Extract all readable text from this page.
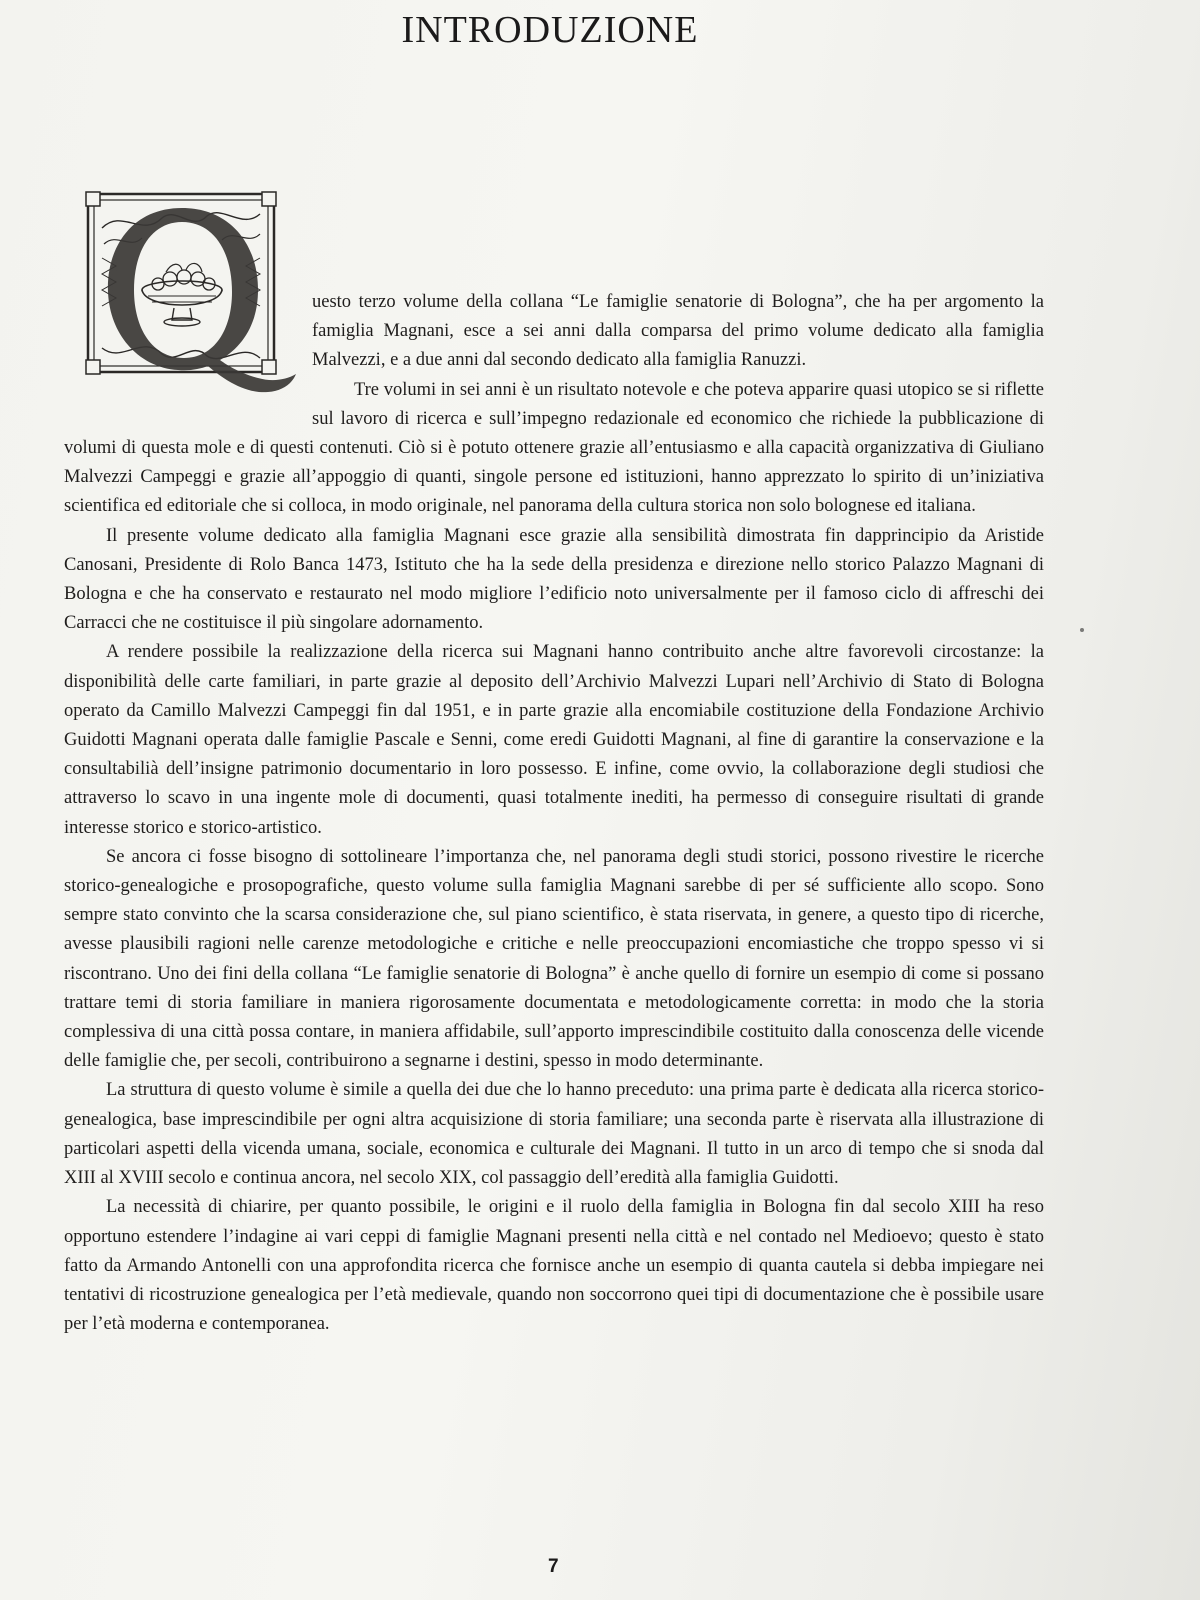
INTRODUZIONE

uesto terzo volume della collana “Le famiglie senatorie di Bologna”, che ha per argomento la famiglia Magnani, esce a sei anni dalla comparsa del primo volume dedicato alla famiglia Malvezzi, e a due anni dal secondo dedicato alla famiglia Ranuzzi.

Tre volumi in sei anni è un risultato notevole e che poteva apparire quasi utopico se si riflette sul lavoro di ricerca e sull’impegno redazionale ed economico che richiede la pubblicazione di volumi di questa mole e di questi contenuti. Ciò si è potuto ottenere grazie all’entusiasmo e alla capacità organizzativa di Giuliano Malvezzi Campeggi e grazie all’appoggio di quanti, singole persone ed istituzioni, hanno apprezzato lo spirito di un’iniziativa scientifica ed editoriale che si colloca, in modo originale, nel panorama della cultura storica non solo bolognese ed italiana.

Il presente volume dedicato alla famiglia Magnani esce grazie alla sensibilità dimostrata fin dapprincipio da Aristide Canosani, Presidente di Rolo Banca 1473, Istituto che ha la sede della presidenza e direzione nello storico Palazzo Magnani di Bologna e che ha conservato e restaurato nel modo migliore l’edificio noto universalmente per il famoso ciclo di affreschi dei Carracci che ne costituisce il più singolare adornamento.

A rendere possibile la realizzazione della ricerca sui Magnani hanno contribuito anche altre favorevoli circostanze: la disponibilità delle carte familiari, in parte grazie al deposito dell’Archivio Malvezzi Lupari nell’Archivio di Stato di Bologna operato da Camillo Malvezzi Campeggi fin dal 1951, e in parte grazie alla encomiabile costituzione della Fondazione Archivio Guidotti Magnani operata dalle famiglie Pascale e Senni, come eredi Guidotti Magnani, al fine di garantire la conservazione e la consultabilià dell’insigne patrimonio documentario in loro possesso. E infine, come ovvio, la collaborazione degli studiosi che attraverso lo scavo in una ingente mole di documenti, quasi totalmente inediti, ha permesso di conseguire risultati di grande interesse storico e storico-artistico.

Se ancora ci fosse bisogno di sottolineare l’importanza che, nel panorama degli studi storici, possono rivestire le ricerche storico-genealogiche e prosopografiche, questo volume sulla famiglia Magnani sarebbe di per sé sufficiente allo scopo. Sono sempre stato convinto che la scarsa considerazione che, sul piano scientifico, è stata riservata, in genere, a questo tipo di ricerche, avesse plausibili ragioni nelle carenze metodologiche e critiche e nelle preoccupazioni encomiastiche che troppo spesso vi si riscontrano. Uno dei fini della collana “Le famiglie senatorie di Bologna” è anche quello di fornire un esempio di come si possano trattare temi di storia familiare in maniera rigorosamente documentata e metodologicamente corretta: in modo che la storia complessiva di una città possa contare, in maniera affidabile, sull’apporto imprescindibile costituito dalla conoscenza delle vicende delle famiglie che, per secoli, contribuirono a segnarne i destini, spesso in modo determinante.

La struttura di questo volume è simile a quella dei due che lo hanno preceduto: una prima parte è dedicata alla ricerca storico-genealogica, base imprescindibile per ogni altra acquisizione di storia familiare; una seconda parte è riservata alla illustrazione di particolari aspetti della vicenda umana, sociale, economica e culturale dei Magnani. Il tutto in un arco di tempo che si snoda dal XIII al XVIII secolo e continua ancora, nel secolo XIX, col passaggio dell’eredità alla famiglia Guidotti.

La necessità di chiarire, per quanto possibile, le origini e il ruolo della famiglia in Bologna fin dal secolo XIII ha reso opportuno estendere l’indagine ai vari ceppi di famiglie Magnani presenti nella città e nel contado nel Medioevo; questo è stato fatto da Armando Antonelli con una approfondita ricerca che fornisce anche un esempio di quanta cautela si debba impiegare nei tentativi di ricostruzione genealogica per l’età medievale, quando non soccorrono quei tipi di documentazione che è possibile usare per l’età moderna e contemporanea.

7
